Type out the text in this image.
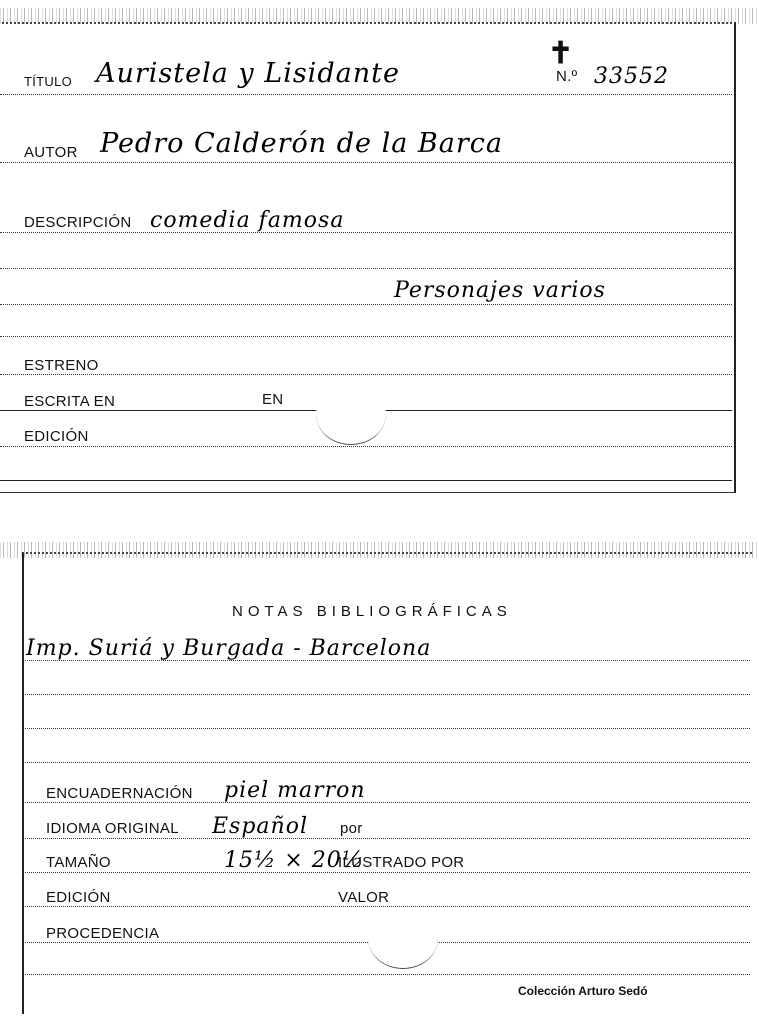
TÍTULO Auristela y Lisidante
✝
N.º 33552
AUTOR Pedro Calderón de la Barca
DESCRIPCIÓN comedia famosa
Personajes varios
ESTRENO
ESCRITA EN	EN
EDICIÓN
NOTAS BIBLIOGRÁFICAS
Imp. Suriá y Burgada - Barcelona
ENCUADERNACIÓN piel marron
IDIOMA ORIGINAL Español por
TAMAÑO	15½ × 20½
ILUSTRADO POR
EDICIÓN	VALOR
PROCEDENCIA
Colección Arturo Sedó
